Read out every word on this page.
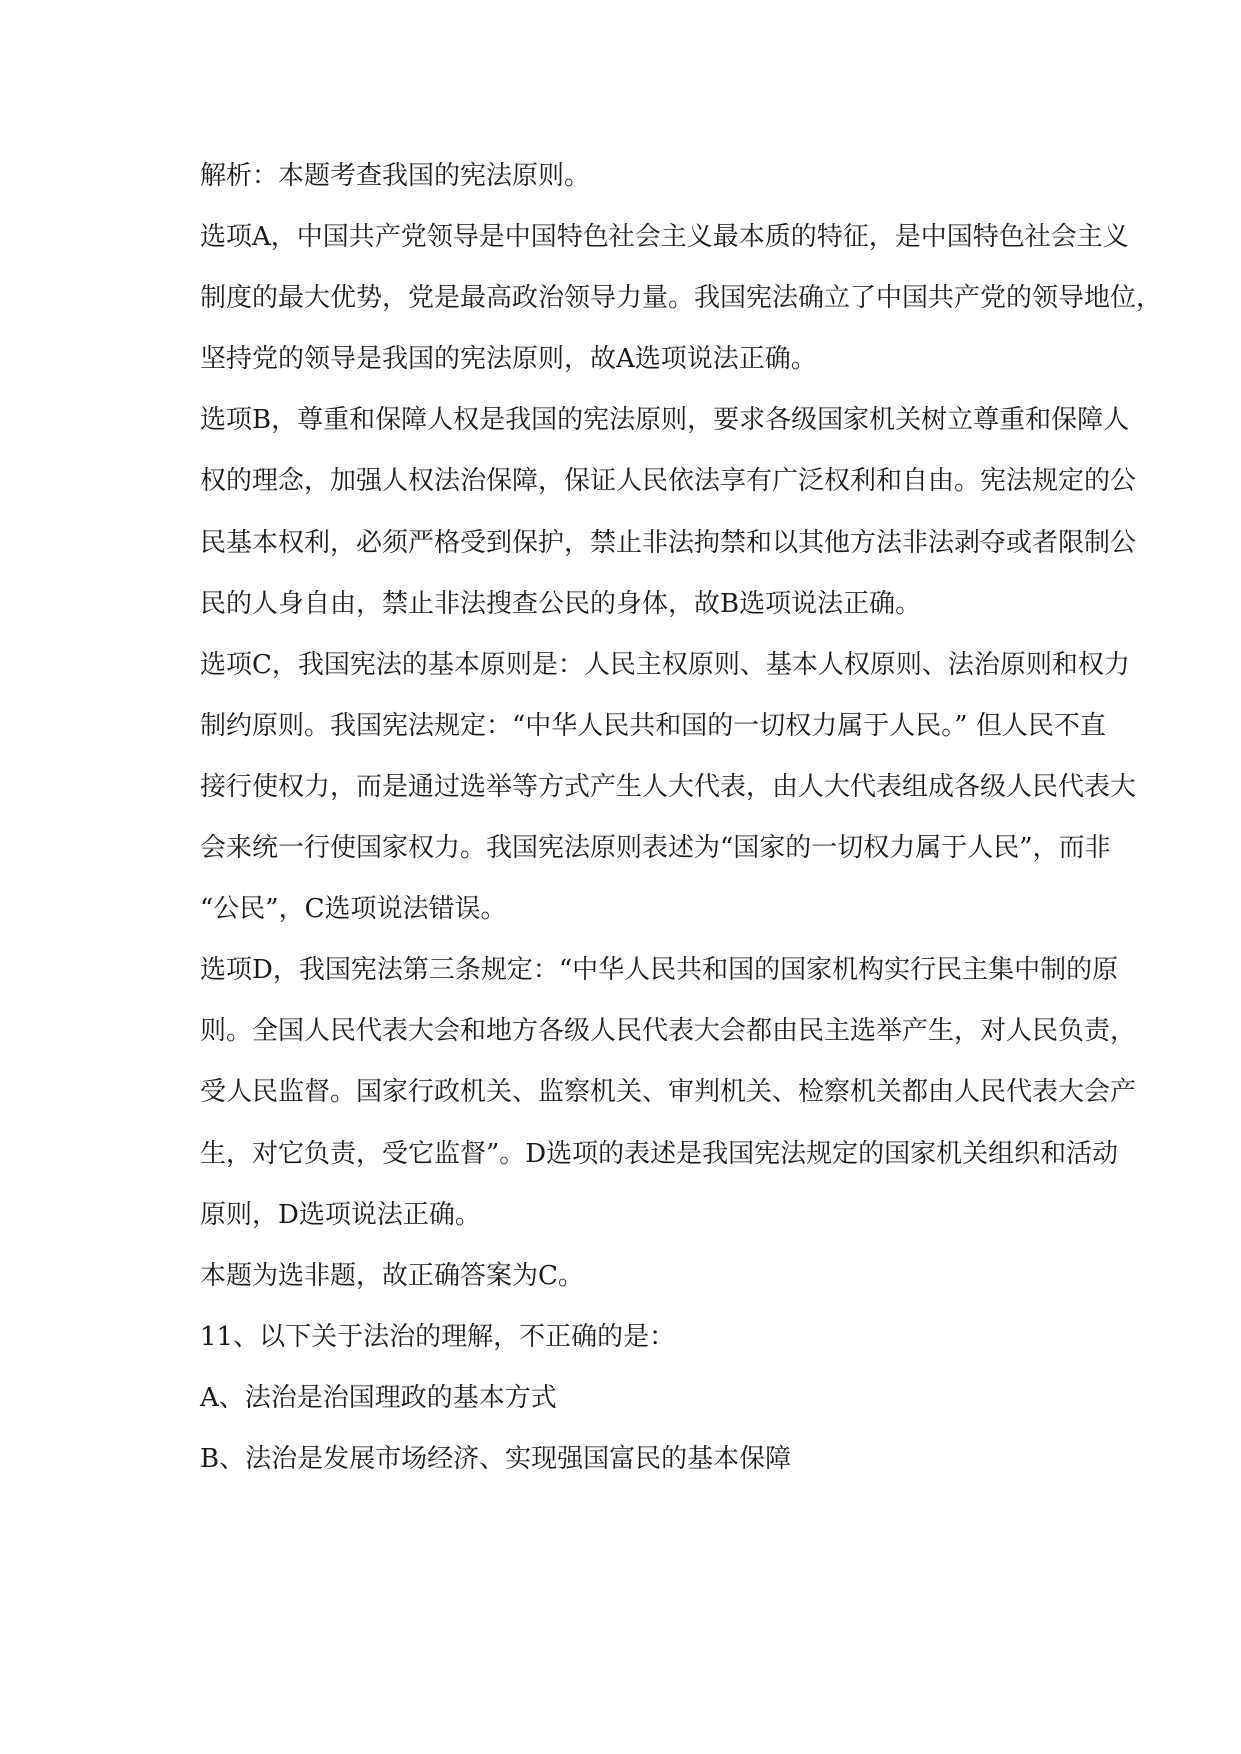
解析：本题考查我国的宪法原则。
选项A，中国共产党领导是中国特色社会主义最本质的特征，是中国特色社会主义
制度的最大优势，党是最高政治领导力量。我国宪法确立了中国共产党的领导地位，
坚持党的领导是我国的宪法原则，故A选项说法正确。
选项B，尊重和保障人权是我国的宪法原则，要求各级国家机关树立尊重和保障人
权的理念，加强人权法治保障，保证人民依法享有广泛权利和自由。宪法规定的公
民基本权利，必须严格受到保护，禁止非法拘禁和以其他方法非法剥夺或者限制公
民的人身自由，禁止非法搜查公民的身体，故B选项说法正确。
选项C，我国宪法的基本原则是：人民主权原则、基本人权原则、法治原则和权力
制约原则。我国宪法规定：“中华人民共和国的一切权力属于人民。” 但人民不直
接行使权力，而是通过选举等方式产生人大代表，由人大代表组成各级人民代表大
会来统一行使国家权力。我国宪法原则表述为“国家的一切权力属于人民”，而非
“公民”，C选项说法错误。
选项D，我国宪法第三条规定：“中华人民共和国的国家机构实行民主集中制的原
则。全国人民代表大会和地方各级人民代表大会都由民主选举产生，对人民负责，
受人民监督。国家行政机关、监察机关、审判机关、检察机关都由人民代表大会产
生，对它负责，受它监督”。D选项的表述是我国宪法规定的国家机关组织和活动
原则，D选项说法正确。
本题为选非题，故正确答案为C。
11、以下关于法治的理解，不正确的是：
A、法治是治国理政的基本方式
B、法治是发展市场经济、实现强国富民的基本保障
